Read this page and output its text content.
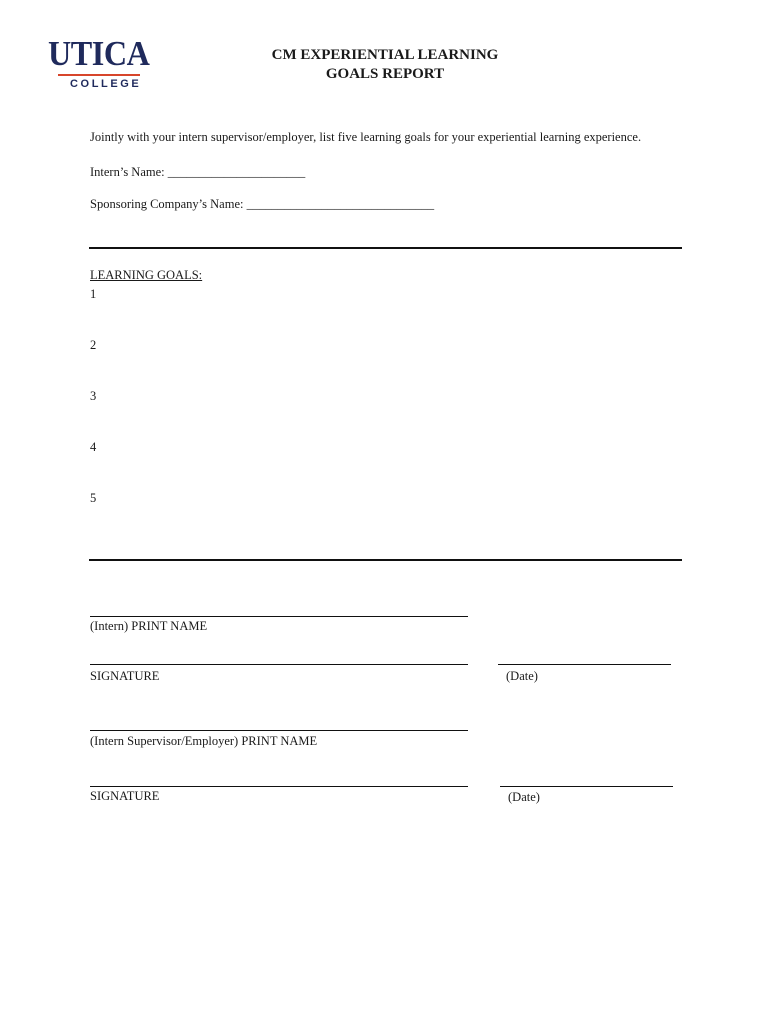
UTICA
COLLEGE
CM EXPERIENTIAL LEARNING
GOALS REPORT
Jointly with your intern supervisor/employer, list five learning goals for your experiential learning experience.
Intern’s Name: ______________________
Sponsoring Company’s Name: ______________________________
LEARNING GOALS:
1
2
3
4
5
(Intern) PRINT NAME
SIGNATURE	(Date)
(Intern Supervisor/Employer) PRINT NAME
SIGNATURE	(Date)
